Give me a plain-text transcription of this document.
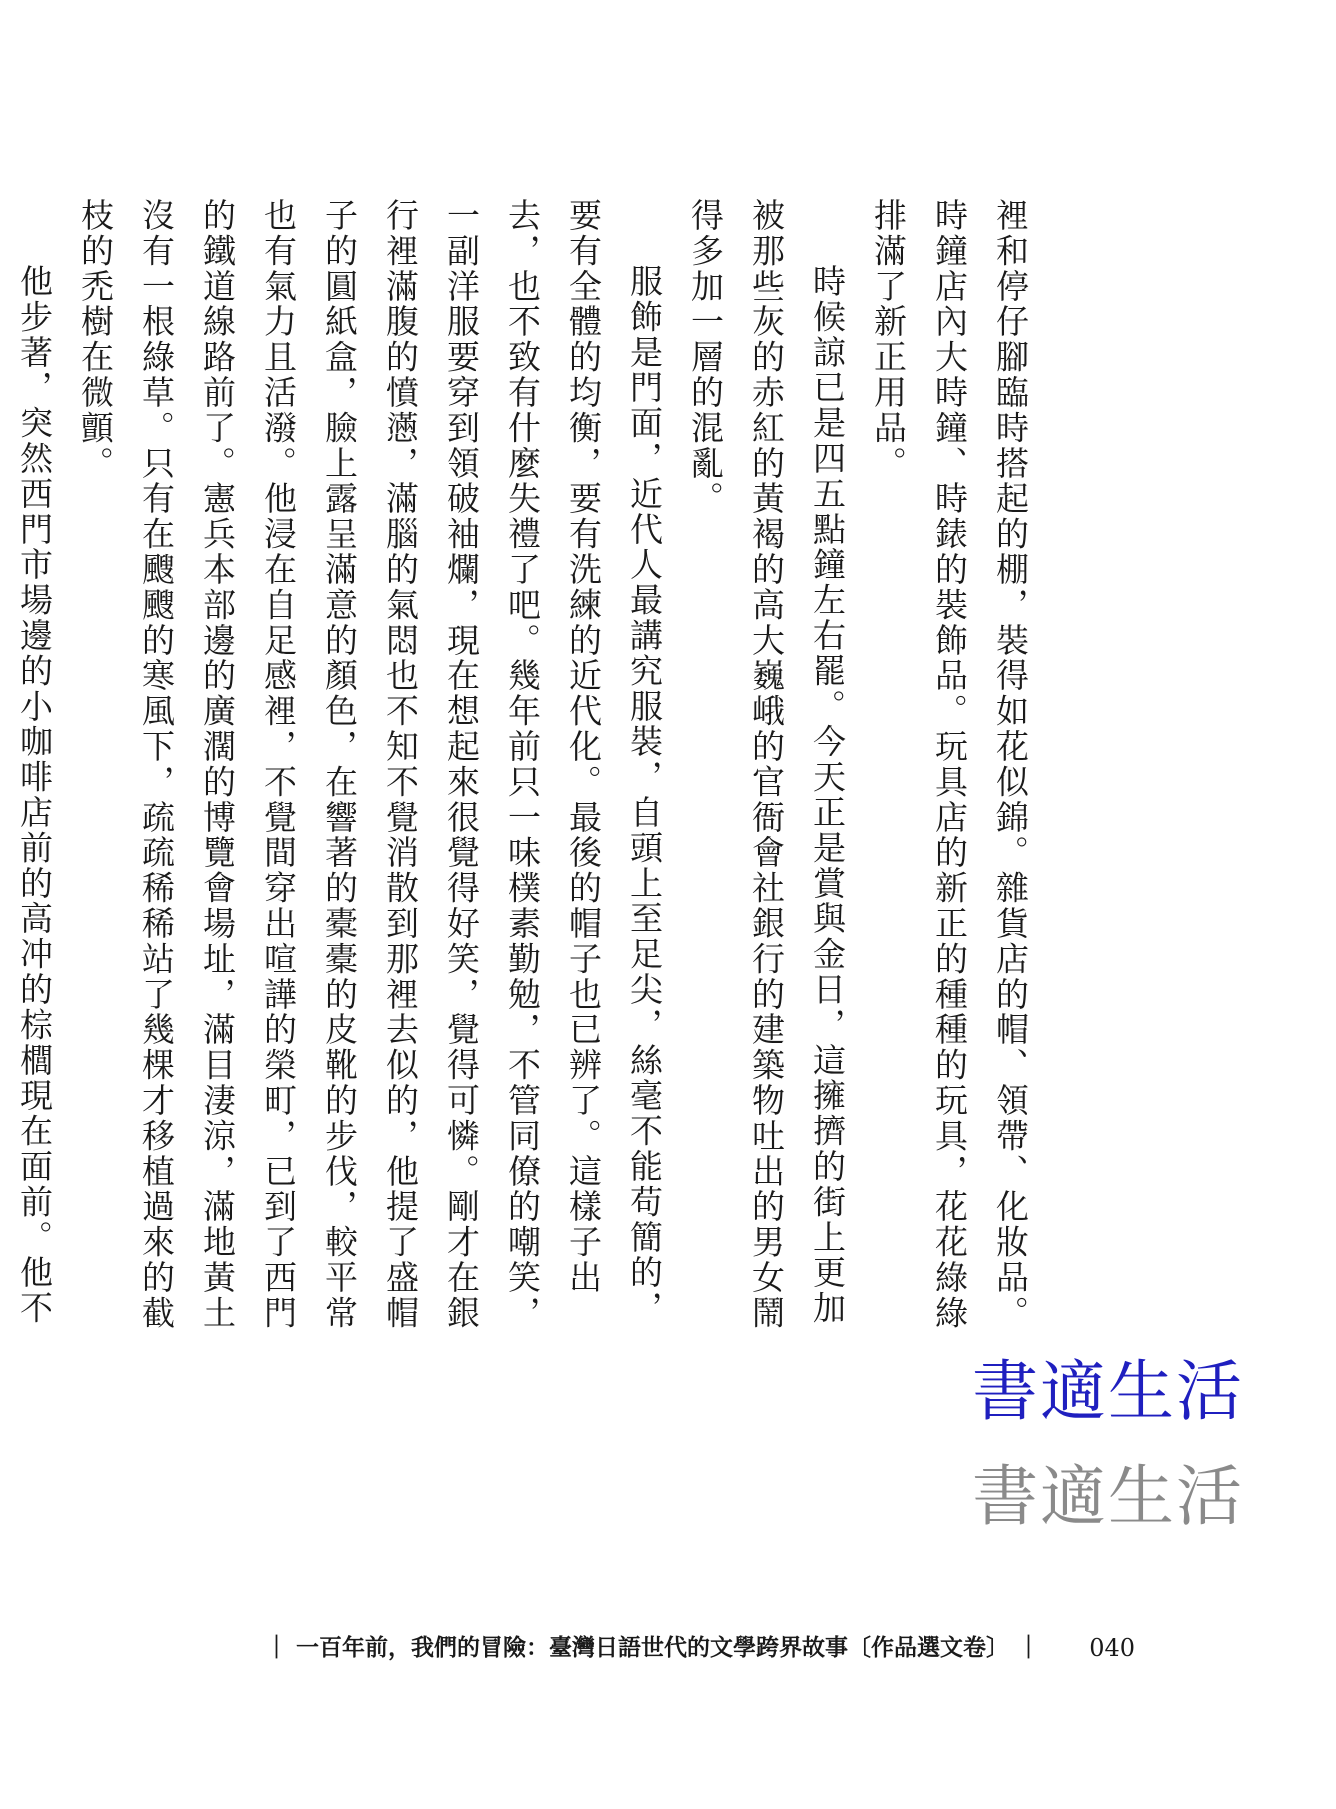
裡和停仔腳臨時搭起的棚，裝得如花似錦。雜貨店的帽、領帶、化妝品。時鐘店內大時鐘、時錶的裝飾品。玩具店的新正的種種的玩具，花花綠綠排滿了新正用品。

時候諒已是四五點鐘左右罷。今天正是賞與金日，這擁擠的街上更加被那些灰的赤紅的黃褐的高大巍峨的官衙會社銀行的建築物吐出的男女鬧得多加一層的混亂。

服飾是門面，近代人最講究服裝，自頭上至足尖，絲毫不能苟簡的，要有全體的均衡，要有洗練的近代化。最後的帽子也已辨了。這樣子出去，也不致有什麼失禮了吧。幾年前只一味樸素勤勉，不管同僚的嘲笑，一副洋服要穿到領破袖爛，現在想起來很覺得好笑，覺得可憐。剛才在銀行裡滿腹的憤懣，滿腦的氣悶也不知不覺消散到那裡去似的，他提了盛帽子的圓紙盒，臉上露呈滿意的顏色，在響著的橐橐的皮靴的步伐，較平常也有氣力且活潑。他浸在自足感裡，不覺間穿出喧譁的榮町，已到了西門的鐵道線路前了。憲兵本部邊的廣濶的博覽會場址，滿目淒涼，滿地黃土沒有一根綠草。只有在颼颼的寒風下，疏疏稀稀站了幾棵才移植過來的截枝的禿樹在微顫。

他步著，突然西門市場邊的小咖啡店前的高冲的棕櫚現在面前。他不

書適生活
書適生活
｜ 一百年前，我們的冒險：臺灣日語世代的文學跨界故事〔作品選文卷〕 ｜ 040
